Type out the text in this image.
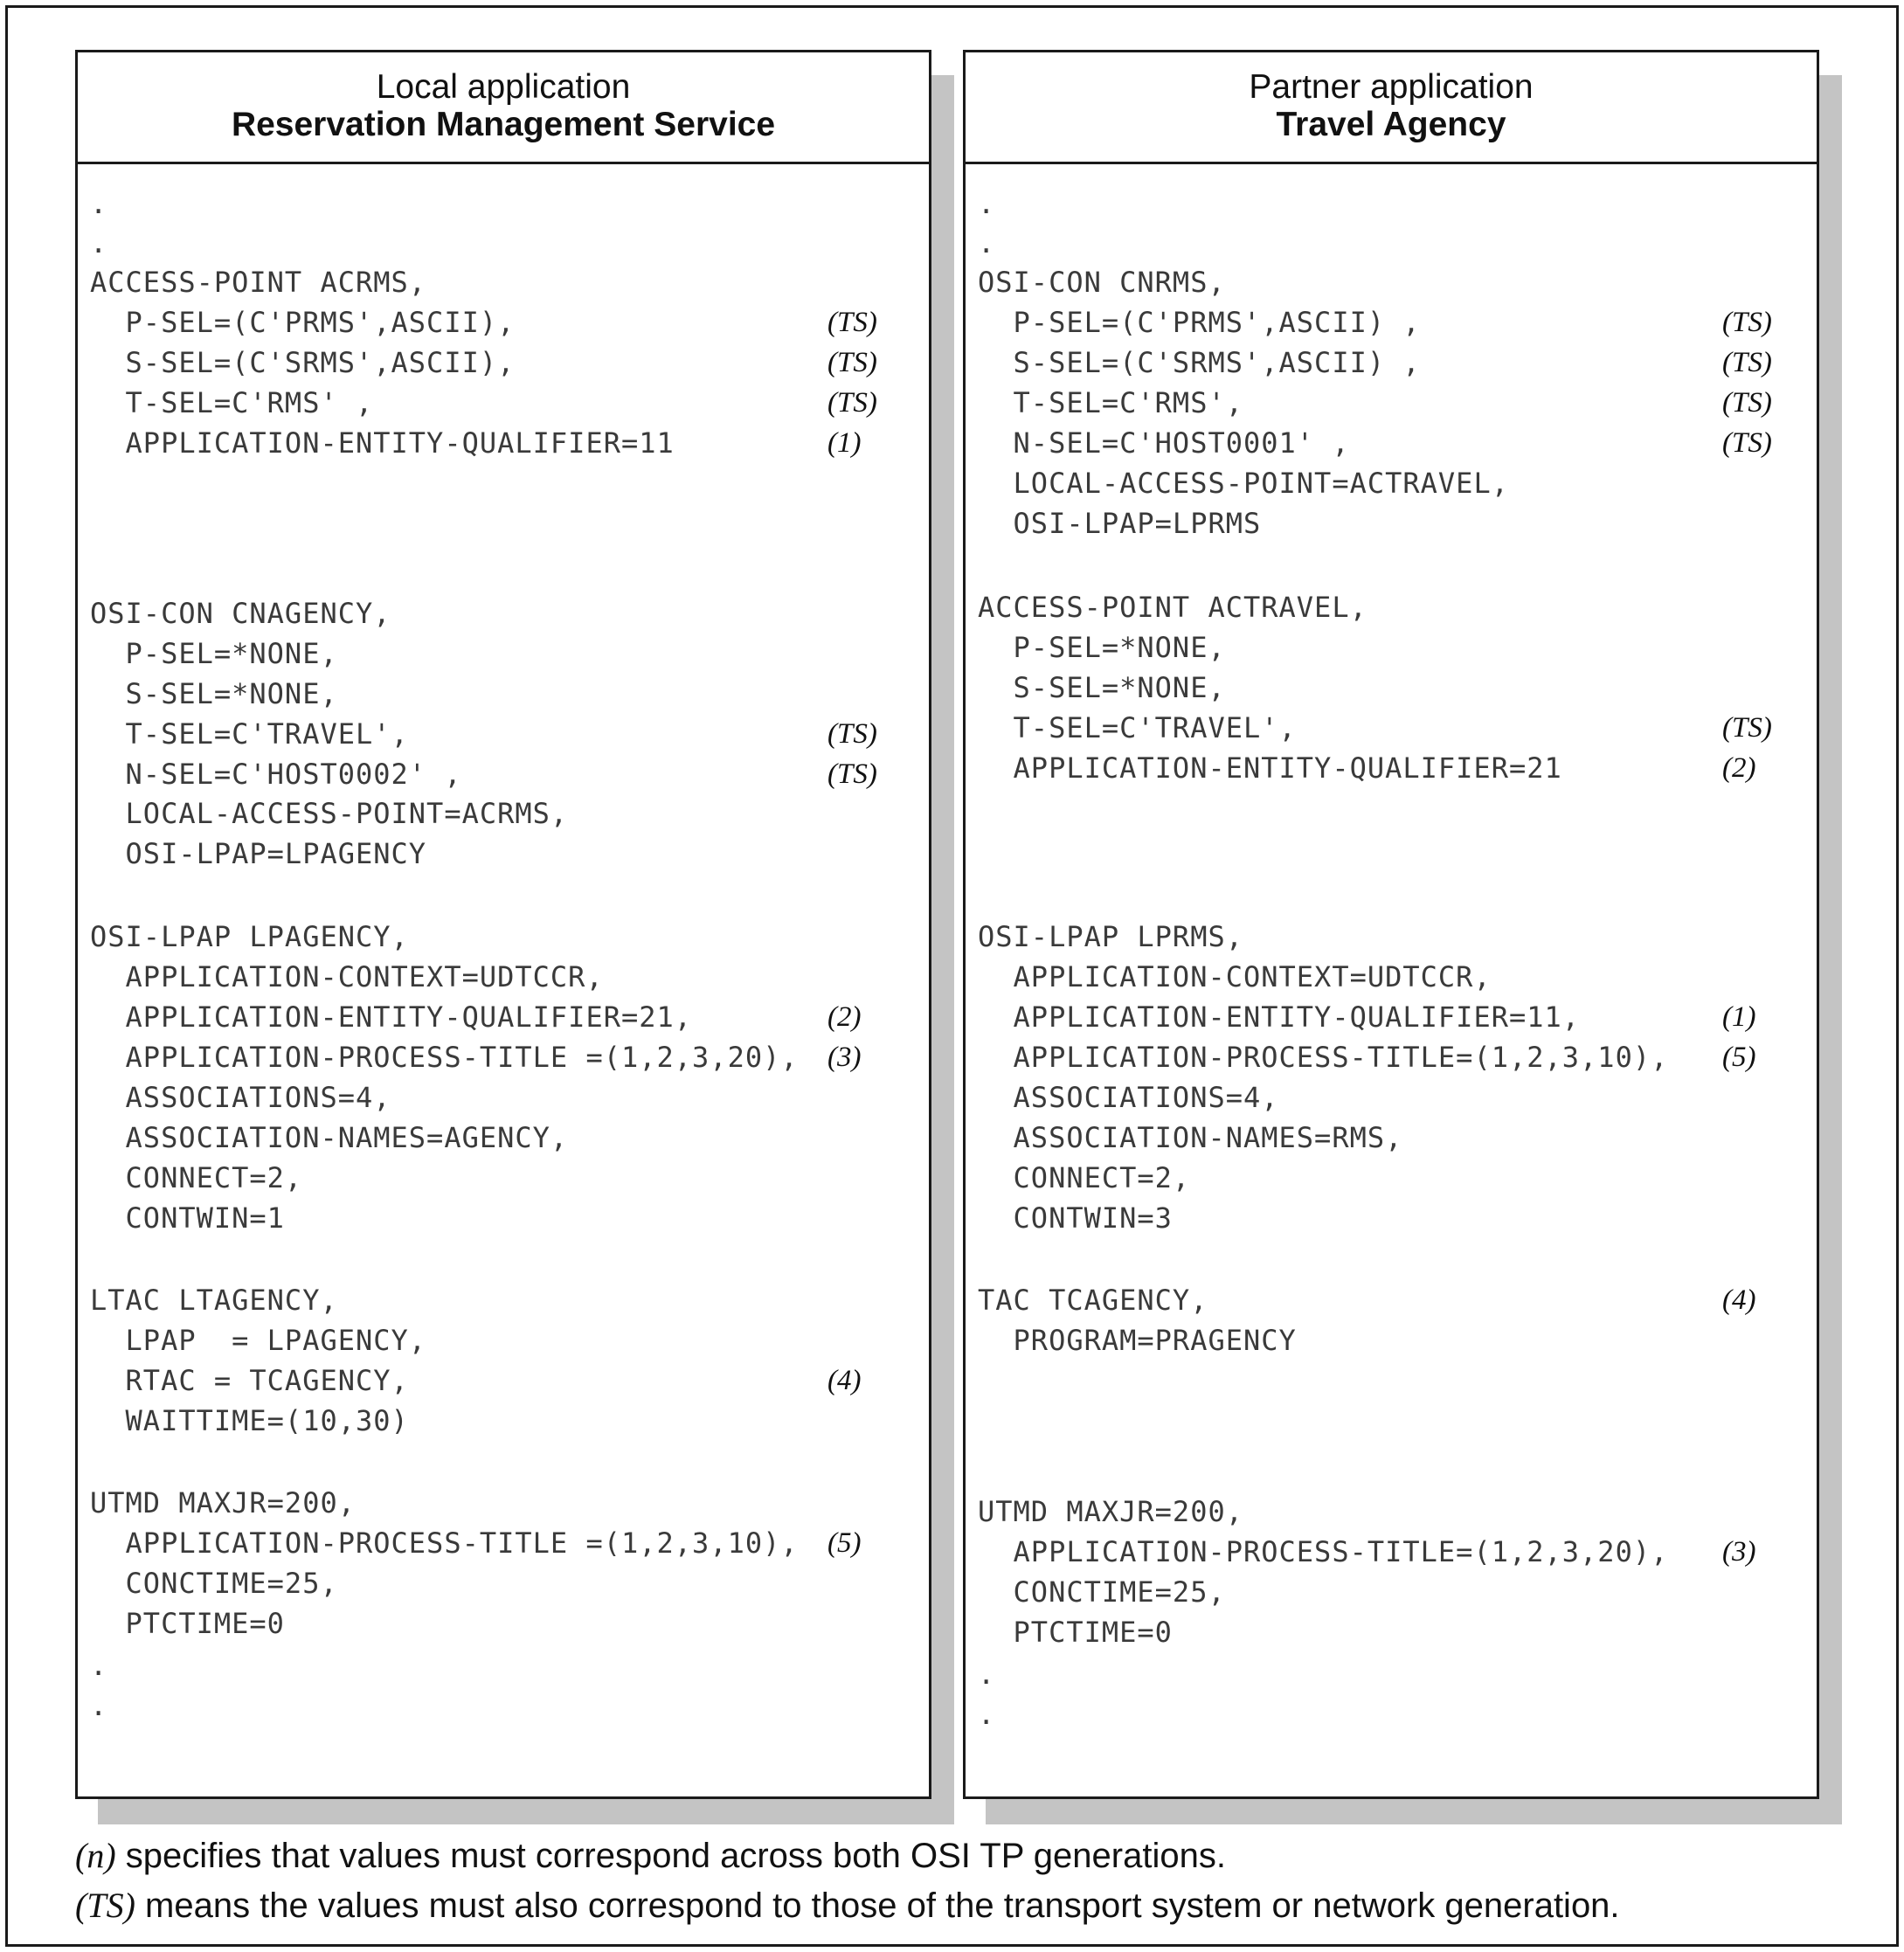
Local application
Reservation Management Service
.
.
ACCESS-POINT ACRMS,
P-SEL=(C'PRMS',ASCII),
S-SEL=(C'SRMS',ASCII),
T-SEL=C'RMS' ,
APPLICATION-ENTITY-QUALIFIER=11
OSI-CON CNAGENCY,
P-SEL=*NONE,
S-SEL=*NONE,
T-SEL=C'TRAVEL',
N-SEL=C'HOST0002' ,
LOCAL-ACCESS-POINT=ACRMS,
OSI-LPAP=LPAGENCY
OSI-LPAP LPAGENCY,
APPLICATION-CONTEXT=UDTCCR,
APPLICATION-ENTITY-QUALIFIER=21,
APPLICATION-PROCESS-TITLE =(1,2,3,20),
ASSOCIATIONS=4,
ASSOCIATION-NAMES=AGENCY,
CONNECT=2,
CONTWIN=1
LTAC LTAGENCY,
LPAP  = LPAGENCY,
RTAC = TCAGENCY,
WAITTIME=(10,30)
UTMD MAXJR=200,
APPLICATION-PROCESS-TITLE =(1,2,3,10),
CONCTIME=25,
PTCTIME=0
.
.
(TS)
(TS)
(TS)
(1)
(TS)
(TS)
(2)
(3)
(4)
(5)
Partner application
Travel Agency
.
.
OSI-CON CNRMS,
P-SEL=(C'PRMS',ASCII) ,
S-SEL=(C'SRMS',ASCII) ,
T-SEL=C'RMS',
N-SEL=C'HOST0001' ,
LOCAL-ACCESS-POINT=ACTRAVEL,
OSI-LPAP=LPRMS
ACCESS-POINT ACTRAVEL,
P-SEL=*NONE,
S-SEL=*NONE,
T-SEL=C'TRAVEL',
APPLICATION-ENTITY-QUALIFIER=21
OSI-LPAP LPRMS,
APPLICATION-CONTEXT=UDTCCR,
APPLICATION-ENTITY-QUALIFIER=11,
APPLICATION-PROCESS-TITLE=(1,2,3,10),
ASSOCIATIONS=4,
ASSOCIATION-NAMES=RMS,
CONNECT=2,
CONTWIN=3
TAC TCAGENCY,
PROGRAM=PRAGENCY
UTMD MAXJR=200,
APPLICATION-PROCESS-TITLE=(1,2,3,20),
CONCTIME=25,
PTCTIME=0
.
.
(TS)
(TS)
(TS)
(TS)
(TS)
(2)
(1)
(5)
(4)
(3)
(n) specifies that values must correspond across both OSI TP generations.
(TS) means the values must also correspond to those of the transport system or network generation.
